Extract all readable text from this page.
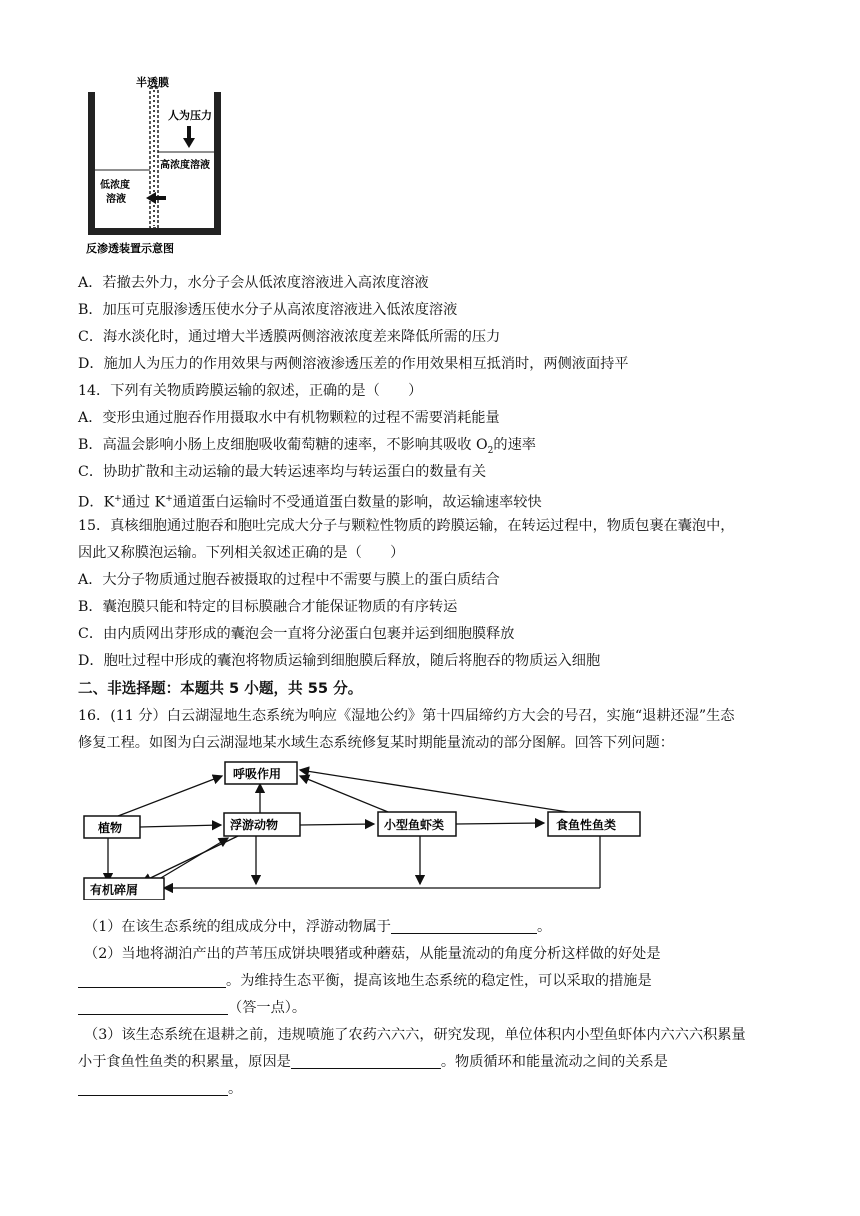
半透膜
人为压力
高浓度溶液
低浓度
溶液
反渗透装置示意图
A．若撤去外力，水分子会从低浓度溶液进入高浓度溶液
B．加压可克服渗透压使水分子从高浓度溶液进入低浓度溶液
C．海水淡化时，通过增大半透膜两侧溶液浓度差来降低所需的压力
D．施加人为压力的作用效果与两侧溶液渗透压差的作用效果相互抵消时，两侧液面持平
14．下列有关物质跨膜运输的叙述，正确的是（　　）
A．变形虫通过胞吞作用摄取水中有机物颗粒的过程不需要消耗能量
B．高温会影响小肠上皮细胞吸收葡萄糖的速率，不影响其吸收 $O_2$的速率
C．协助扩散和主动运输的最大转运速率均与转运蛋白的数量有关
D．K+通过 K+通道蛋白运输时不受通道蛋白数量的影响，故运输速率较快
15．真核细胞通过胞吞和胞吐完成大分子与颗粒性物质的跨膜运输，在转运过程中，物质包裹在囊泡中，
因此又称膜泡运输。下列相关叙述正确的是（　　）
A．大分子物质通过胞吞被摄取的过程中不需要与膜上的蛋白质结合
B．囊泡膜只能和特定的目标膜融合才能保证物质的有序转运
C．由内质网出芽形成的囊泡会一直将分泌蛋白包裹并运到细胞膜释放
D．胞吐过程中形成的囊泡将物质运输到细胞膜后释放，随后将胞吞的物质运入细胞
二、非选择题：本题共 5 小题，共 55 分。
16．(11 分）白云湖湿地生态系统为响应《湿地公约》第十四届缔约方大会的号召，实施“退耕还湿”生态
修复工程。如图为白云湖湿地某水域生态系统修复某时期能量流动的部分图解。回答下列问题：
呼吸作用
植物	浮游动物	小型鱼虾类	食鱼性鱼类
有机碎屑
（1）在该生态系统的组成成分中，浮游动物属于	。
（2）当地将湖泊产出的芦苇压成饼块喂猪或种蘑菇，从能量流动的角度分析这样做的好处是
。为维持生态平衡，提高该地生态系统的稳定性，可以采取的措施是
（答一点）。
（3）该生态系统在退耕之前，违规喷施了农药六六六，研究发现，单位体积内小型鱼虾体内六六六积累量
小于食鱼性鱼类的积累量，原因是	。物质循环和能量流动之间的关系是
。
